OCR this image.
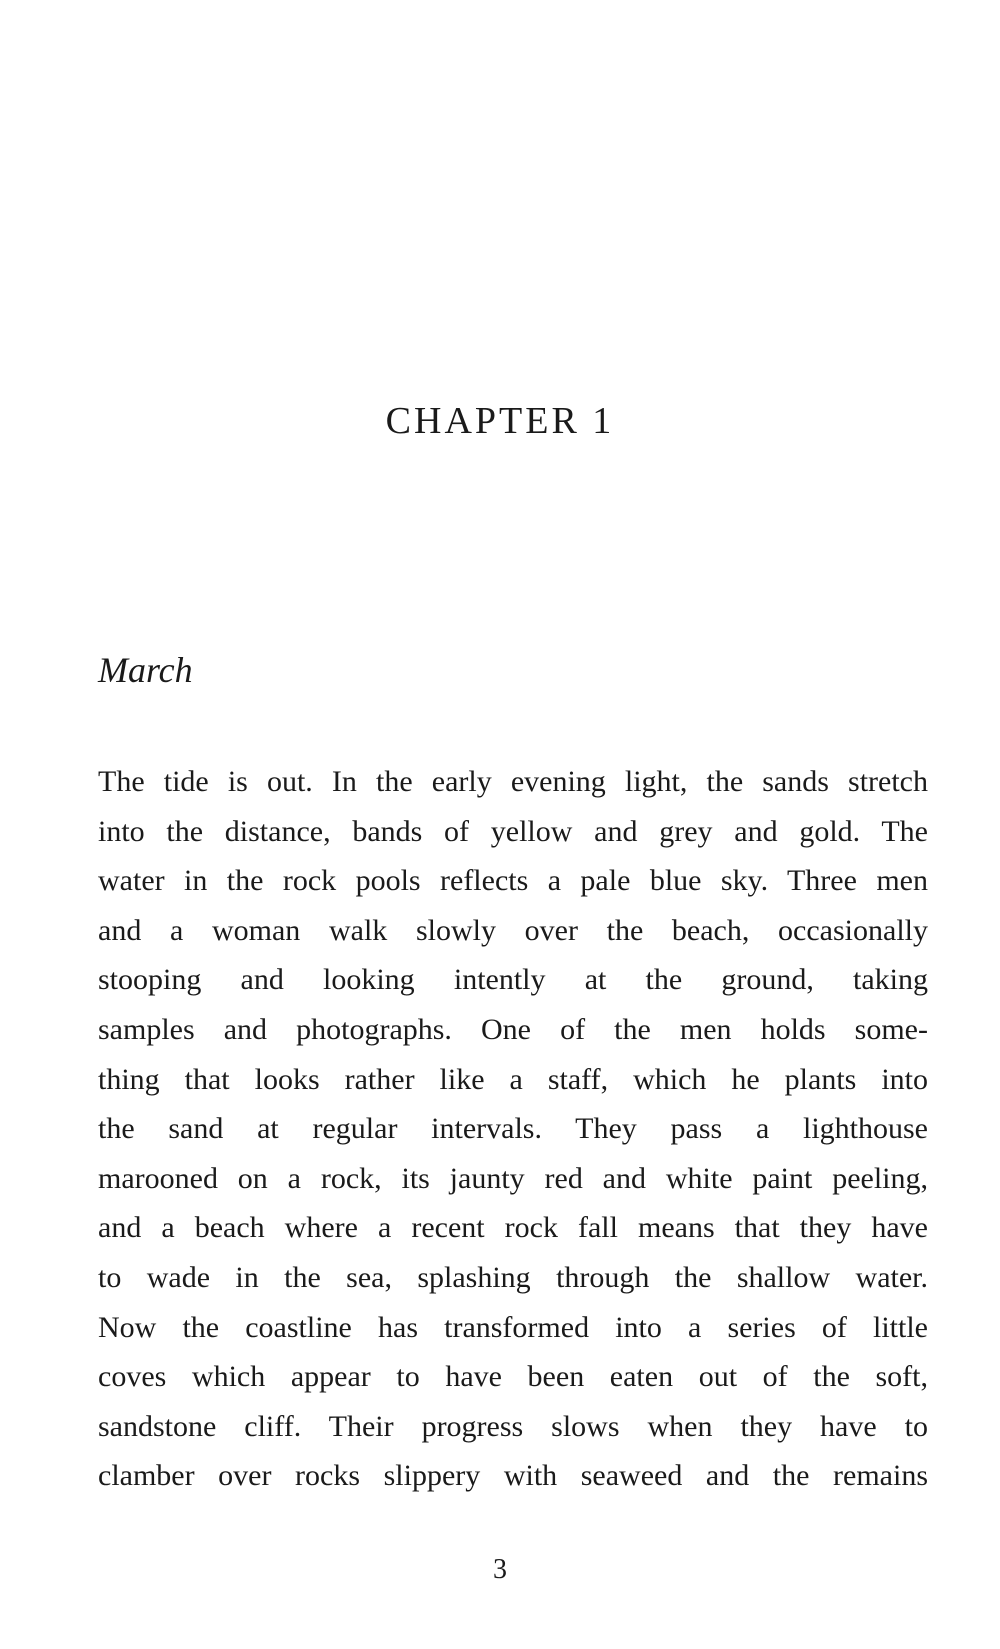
CHAPTER 1
March
The tide is out. In the early evening light, the sands stretch
into the distance, bands of yellow and grey and gold. The
water in the rock pools reflects a pale blue sky. Three men
and a woman walk slowly over the beach, occasionally
stooping and looking intently at the ground, taking
samples and photographs. One of the men holds some-
thing that looks rather like a staff, which he plants into
the sand at regular intervals. They pass a lighthouse
marooned on a rock, its jaunty red and white paint peeling,
and a beach where a recent rock fall means that they have
to wade in the sea, splashing through the shallow water.
Now the coastline has transformed into a series of little
coves which appear to have been eaten out of the soft,
sandstone cliff. Their progress slows when they have to
clamber over rocks slippery with seaweed and the remains

3
